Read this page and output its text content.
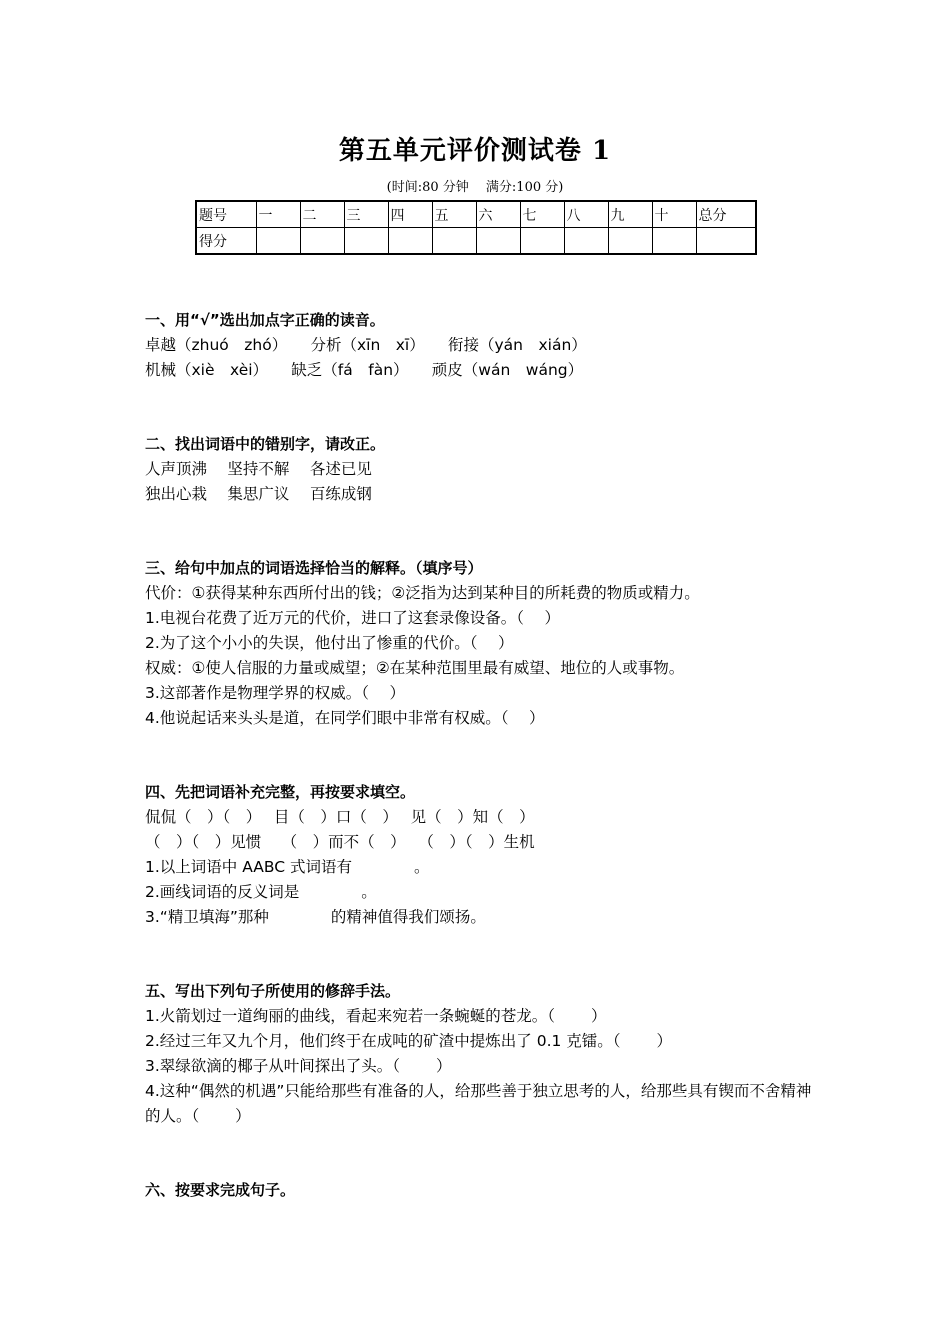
第五单元评价测试卷 1
(时间:80 分钟　 满分:100 分)
题号	一	二	三	四	五	六	七	八	九	十	总分
得分											
一、用“√”选出加点字正确的读音。
卓越（zhuó　zhó）　　分析（xīn　xī）　　衔接（yán　xián）
机械（xiè　xèi）　　缺乏（fá　fàn）　　顽皮（wán　wáng）
二、找出词语中的错别字，请改正。
人声顶沸　 坚持不解　 各述已见
独出心栽　 集思广议　 百练成钢
三、给句中加点的词语选择恰当的解释。（填序号）
代价：①获得某种东西所付出的钱；②泛指为达到某种目的所耗费的物质或精力。
1.电视台花费了近万元的代价，进口了这套录像设备。（　 ）
2.为了这个小小的失误，他付出了惨重的代价。（　 ）
权威：①使人信服的力量或威望；②在某种范围里最有威望、地位的人或事物。
3.这部著作是物理学界的权威。（　 ）
4.他说起话来头头是道，在同学们眼中非常有权威。（　 ）
四、先把词语补充完整，再按要求填空。
侃侃（　）（　）　 目（　）口（　）　 见（　）知（　）
（　）（　）见惯　 （　）而不（　）　 （　）（　）生机
1.以上词语中 AABC 式词语有　　　　。
2.画线词语的反义词是　　　　。
3.“精卫填海”那种　　　　的精神值得我们颂扬。
五、写出下列句子所使用的修辞手法。
1.火箭划过一道绚丽的曲线，看起来宛若一条蜿蜒的苍龙。（　　 ）
2.经过三年又九个月，他们终于在成吨的矿渣中提炼出了 0.1 克镭。（　　 ）
3.翠绿欲滴的椰子从叶间探出了头。（　　 ）
4.这种“偶然的机遇”只能给那些有准备的人，给那些善于独立思考的人，给那些具有锲而不舍精神的人。（　　 ）
六、按要求完成句子。
